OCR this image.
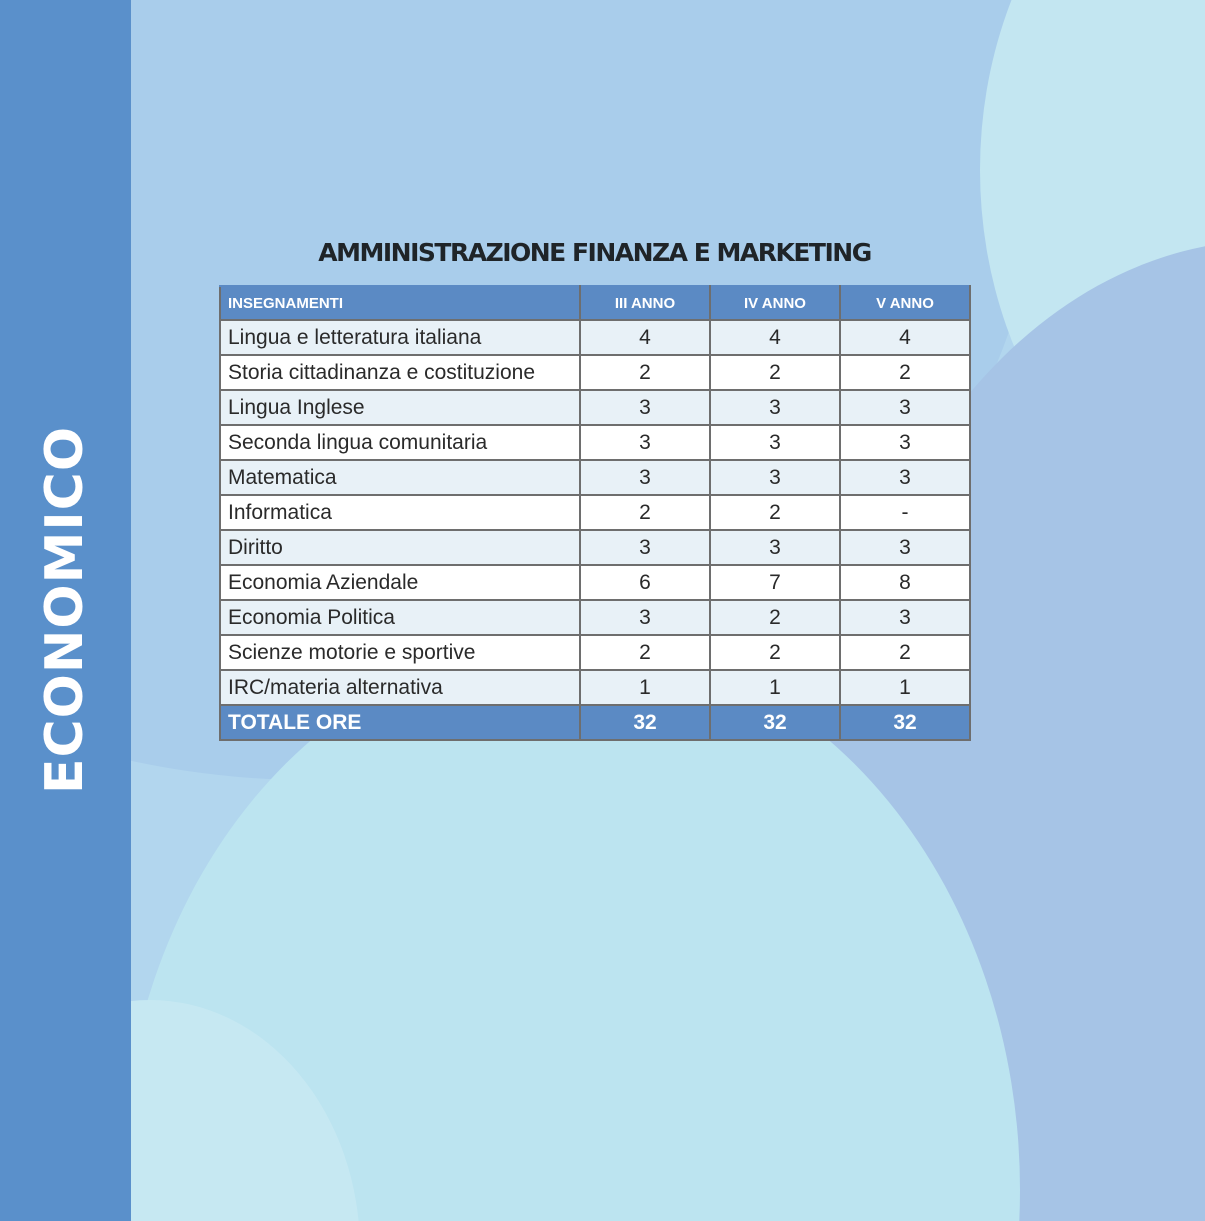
ECONOMICO
AMMINISTRAZIONE FINANZA E MARKETING
INSEGNAMENTI	III ANNO	IV ANNO	V ANNO
Lingua e letteratura italiana	4	4	4
Storia cittadinanza e costituzione	2	2	2
Lingua Inglese	3	3	3
Seconda lingua comunitaria	3	3	3
Matematica	3	3	3
Informatica	2	2	-
Diritto	3	3	3
Economia Aziendale	6	7	8
Economia Politica	3	2	3
Scienze motorie e sportive	2	2	2
IRC/materia alternativa	1	1	1
TOTALE ORE	32	32	32
